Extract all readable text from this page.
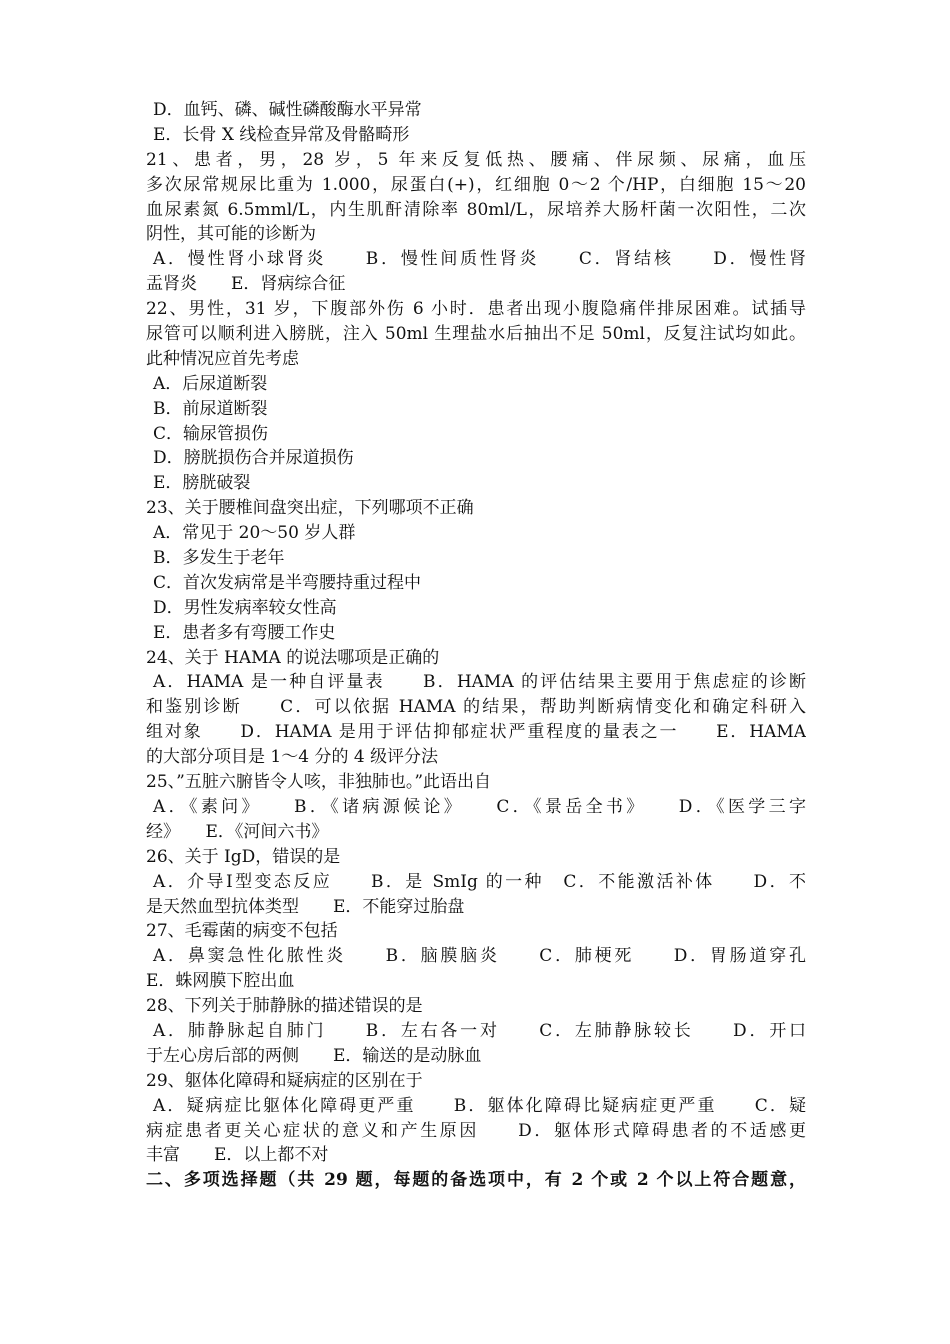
D．血钙、磷、碱性磷酸酶水平异常
E．长骨 X 线检查异常及骨骼畸形
21、患者，男，28 岁，5 年来反复低热、腰痛、伴尿频、尿痛，血压
多次尿常规尿比重为 1.000，尿蛋白(+)，红细胞 0～2 个/HP，白细胞 15～20
血尿素氮 6.5mml/L，内生肌酐清除率 80ml/L，尿培养大肠杆菌一次阳性，二次
阴性，其可能的诊断为
A．慢性肾小球肾炎　　B．慢性间质性肾炎　　C．肾结核　　D．慢性肾
盂肾炎　　E．肾病综合征
22、男性，31 岁，下腹部外伤 6 小时．患者出现小腹隐痛伴排尿困难。试插导
尿管可以顺利进入膀胱，注入 50ml 生理盐水后抽出不足 50ml，反复注试均如此。
此种情况应首先考虑
A．后尿道断裂
B．前尿道断裂
C．输尿管损伤
D．膀胱损伤合并尿道损伤
E．膀胱破裂
23、关于腰椎间盘突出症，下列哪项不正确
A．常见于 20～50 岁人群
B．多发生于老年
C．首次发病常是半弯腰持重过程中
D．男性发病率较女性高
E．患者多有弯腰工作史
24、关于 HAMA 的说法哪项是正确的
A．HAMA 是一种自评量表　　B．HAMA 的评估结果主要用于焦虑症的诊断
和鉴别诊断　　C．可以依据 HAMA 的结果，帮助判断病情变化和确定科研入
组对象　　D．HAMA 是用于评估抑郁症状严重程度的量表之一　　E．HAMA
的大部分项目是 1～4 分的 4 级评分法
25、”五脏六腑皆令人咳，非独肺也。”此语出自
A．《素问》　　B．《诸病源候论》　　C．《景岳全书》　　D．《医学三字
经》　　E．《河间六书》
26、关于 IgD，错误的是
A．介导Ⅰ型变态反应　　B．是 SmIg 的一种　C．不能激活补体　　D．不
是天然血型抗体类型　　E．不能穿过胎盘
27、毛霉菌的病变不包括
A．鼻窦急性化脓性炎　　B．脑膜脑炎　　C．肺梗死　　D．胃肠道穿孔
E．蛛网膜下腔出血
28、下列关于肺静脉的描述错误的是
A．肺静脉起自肺门　　B．左右各一对　　C．左肺静脉较长　　D．开口
于左心房后部的两侧　　E．输送的是动脉血
29、躯体化障碍和疑病症的区别在于
A．疑病症比躯体化障碍更严重　　B．躯体化障碍比疑病症更严重　　C．疑
病症患者更关心症状的意义和产生原因　　D．躯体形式障碍患者的不适感更
丰富　　E．以上都不对
二、多项选择题（共 29 题，每题的备选项中，有 2 个或 2 个以上符合题意，
